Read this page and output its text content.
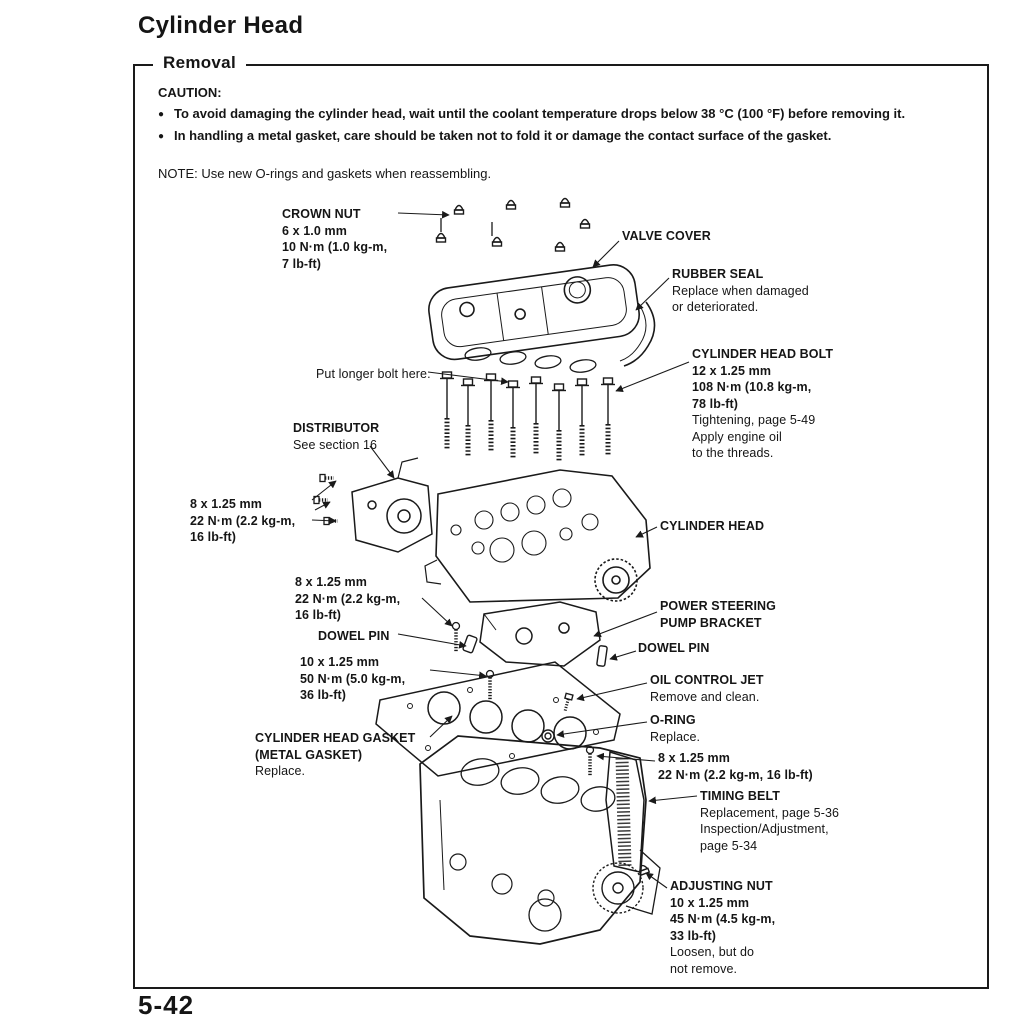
Cylinder Head
Removal
CAUTION:
● To avoid damaging the cylinder head, wait until the coolant temperature drops below 38 °C (100 °F) before removing it.
● In handling a metal gasket, care should be taken not to fold it or damage the contact surface of the gasket.
NOTE: Use new O-rings and gaskets when reassembling.
CROWN NUT
6 x 1.0 mm
10 N·m (1.0 kg-m,
7 lb-ft)
VALVE COVER
RUBBER SEAL
Replace when damaged
or deteriorated.
CYLINDER HEAD BOLT
12 x 1.25 mm
108 N·m (10.8 kg-m,
78 lb-ft)
Tightening, page 5-49
Apply engine oil
to the threads.
Put longer bolt here.
DISTRIBUTOR
See section 16
8 x 1.25 mm
22 N·m (2.2 kg-m,
16 lb-ft)
CYLINDER HEAD
8 x 1.25 mm
22 N·m (2.2 kg-m,
16 lb-ft)
DOWEL PIN
POWER STEERING
PUMP BRACKET
DOWEL PIN
10 x 1.25 mm
50 N·m (5.0 kg-m,
36 lb-ft)
OIL CONTROL JET
Remove and clean.
O-RING
Replace.
CYLINDER HEAD GASKET
(METAL GASKET)
Replace.
8 x 1.25 mm
22 N·m (2.2 kg-m, 16 lb-ft)
TIMING BELT
Replacement, page 5-36
Inspection/Adjustment,
page 5-34
ADJUSTING NUT
10 x 1.25 mm
45 N·m (4.5 kg-m,
33 lb-ft)
Loosen, but do
not remove.
5-42
